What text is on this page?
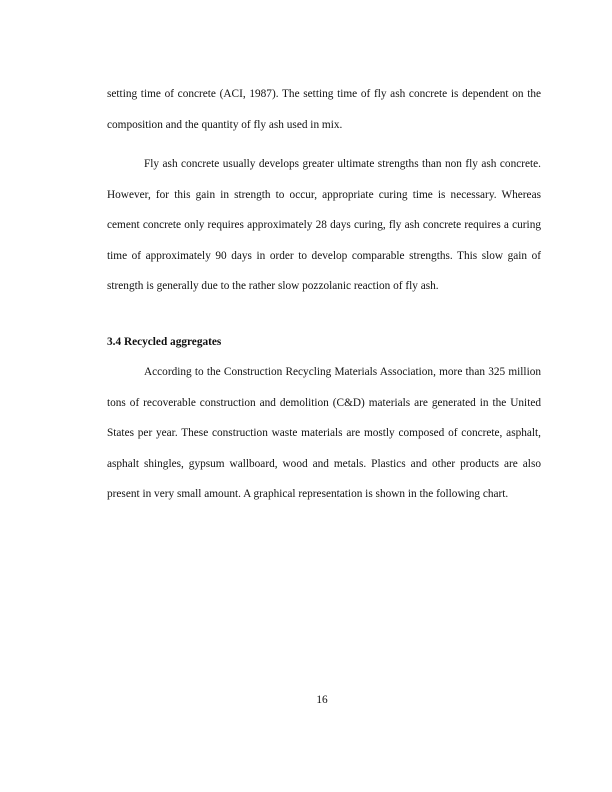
setting time of concrete (ACI, 1987). The setting time of fly ash concrete is dependent on the composition and the quantity of fly ash used in mix.

Fly ash concrete usually develops greater ultimate strengths than non fly ash concrete. However, for this gain in strength to occur, appropriate curing time is necessary. Whereas cement concrete only requires approximately 28 days curing, fly ash concrete requires a curing time of approximately 90 days in order to develop comparable strengths. This slow gain of strength is generally due to the rather slow pozzolanic reaction of fly ash.

3.4 Recycled aggregates

According to the Construction Recycling Materials Association, more than 325 million tons of recoverable construction and demolition (C&D) materials are generated in the United States per year. These construction waste materials are mostly composed of concrete, asphalt, asphalt shingles, gypsum wallboard, wood and metals. Plastics and other products are also present in very small amount. A graphical representation is shown in the following chart.

16
